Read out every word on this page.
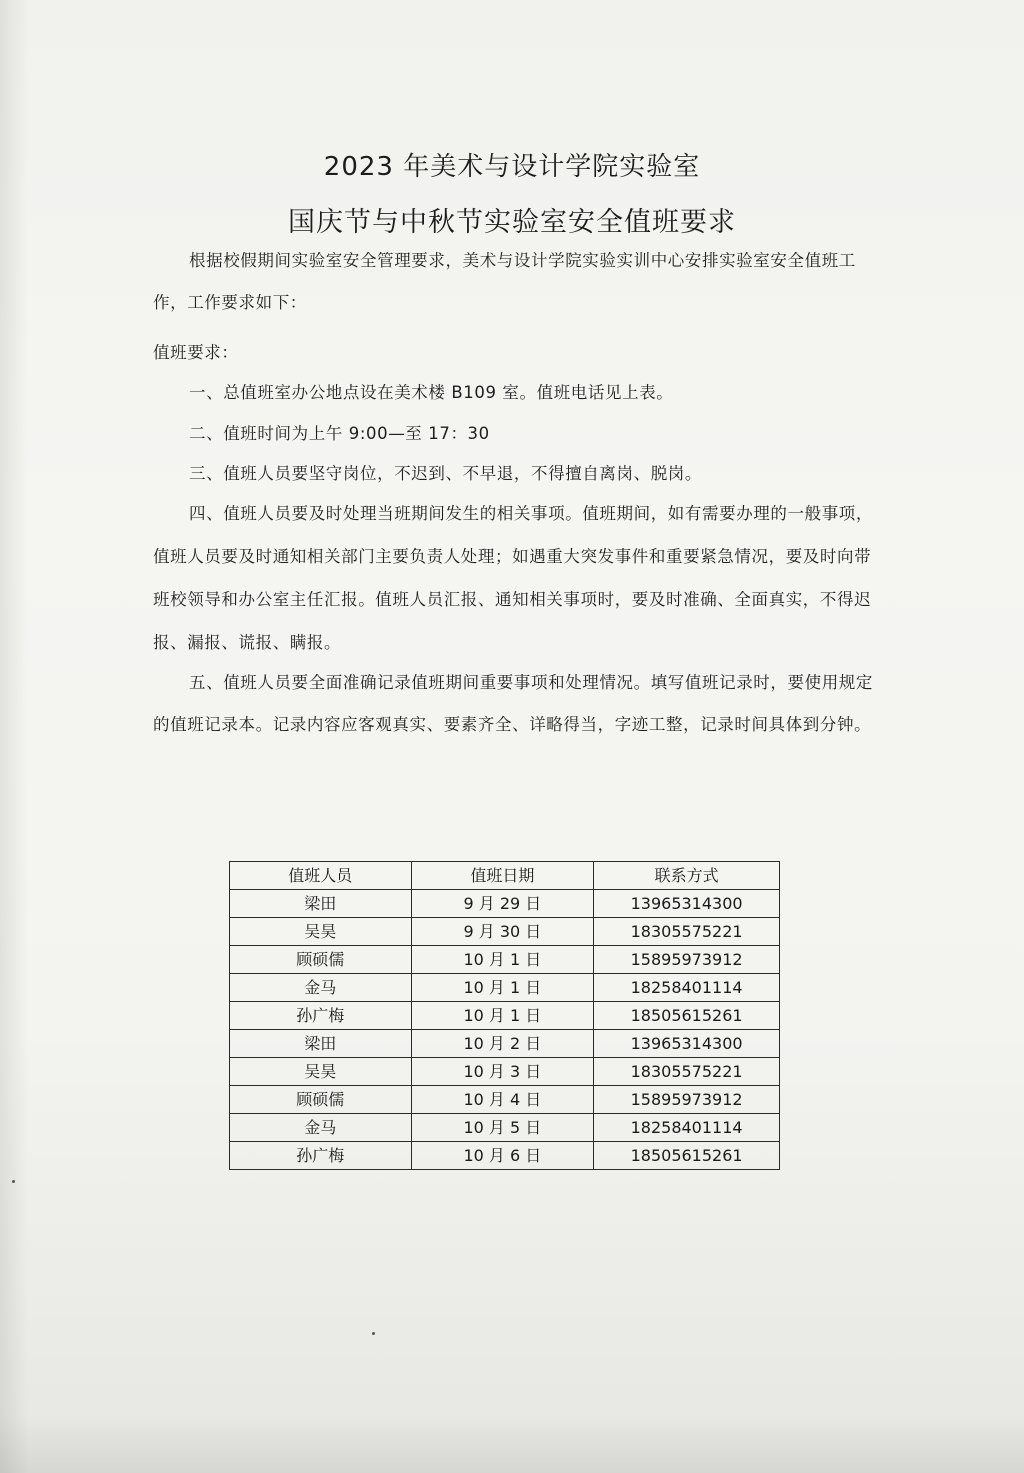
2023 年美术与设计学院实验室
国庆节与中秋节实验室安全值班要求
根据校假期间实验室安全管理要求，美术与设计学院实验实训中心安排实验室安全值班工作，工作要求如下：
值班要求：
一、总值班室办公地点设在美术楼 B109 室。值班电话见上表。
二、值班时间为上午 9:00—至 17：30
三、值班人员要坚守岗位，不迟到、不早退，不得擅自离岗、脱岗。
四、值班人员要及时处理当班期间发生的相关事项。值班期间，如有需要办理的一般事项，值班人员要及时通知相关部门主要负责人处理；如遇重大突发事件和重要紧急情况，要及时向带班校领导和办公室主任汇报。值班人员汇报、通知相关事项时，要及时准确、全面真实，不得迟报、漏报、谎报、瞒报。
五、值班人员要全面准确记录值班期间重要事项和处理情况。填写值班记录时，要使用规定的值班记录本。记录内容应客观真实、要素齐全、详略得当，字迹工整，记录时间具体到分钟。
值班人员	值班日期	联系方式
梁田	9 月 29 日	13965314300
吴昊	9 月 30 日	18305575221
顾硕儒	10 月 1 日	15895973912
金马	10 月 1 日	18258401114
孙广梅	10 月 1 日	18505615261
梁田	10 月 2 日	13965314300
吴昊	10 月 3 日	18305575221
顾硕儒	10 月 4 日	15895973912
金马	10 月 5 日	18258401114
孙广梅	10 月 6 日	18505615261
